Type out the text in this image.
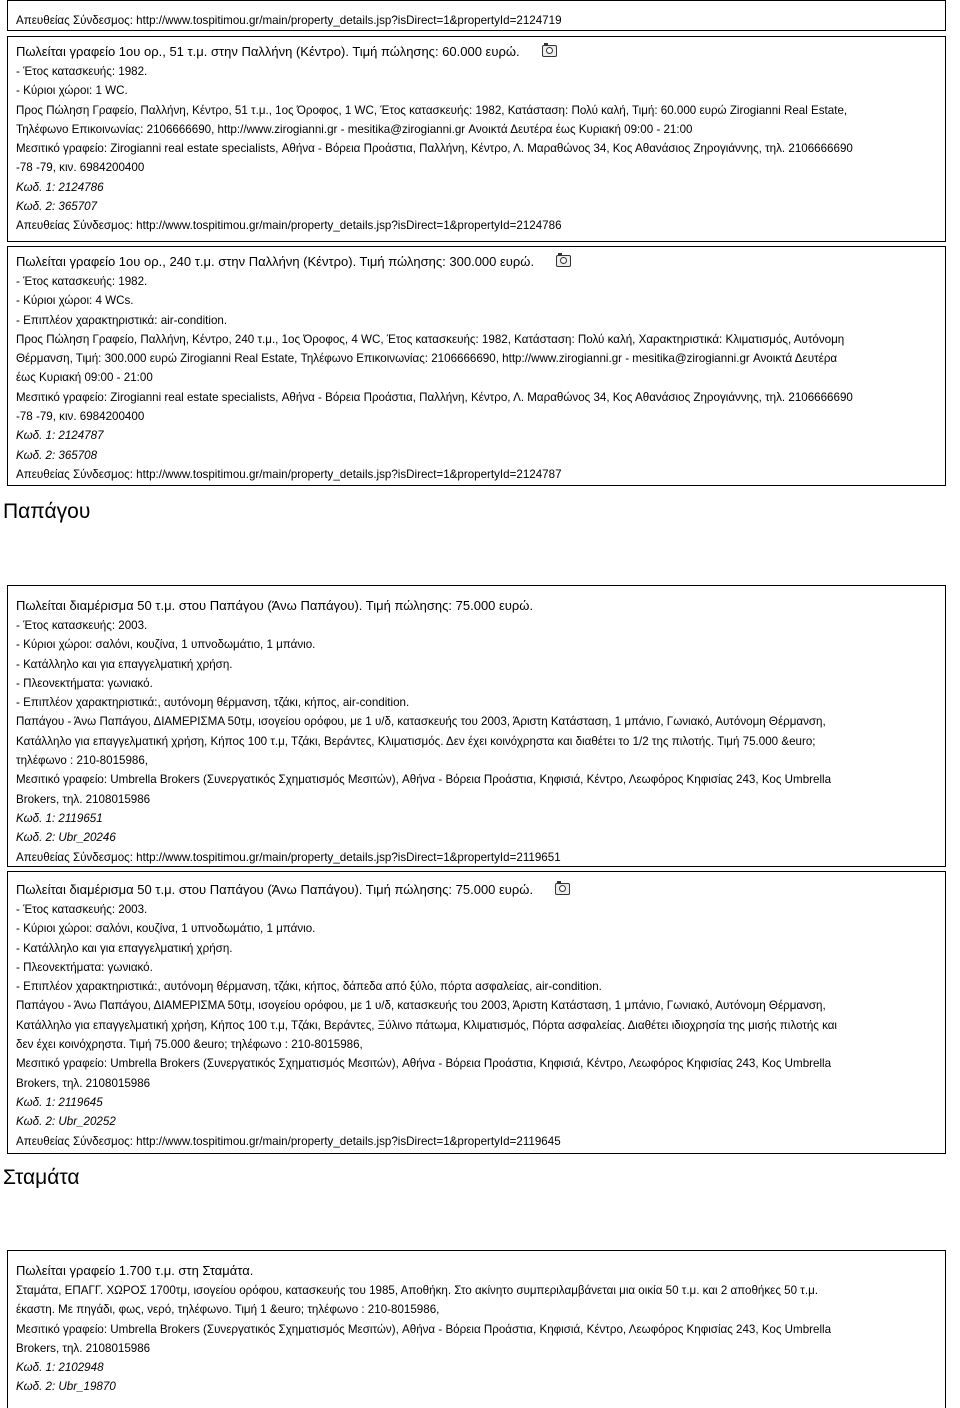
Απευθείας Σύνδεσμος: http://www.tospitimou.gr/main/property_details.jsp?isDirect=1&propertyId=2124719
Πωλείται γραφείο 1ου ορ., 51 τ.μ. στην Παλλήνη (Κέντρο). Τιμή πώλησης: 60.000 ευρώ.
- Έτος κατασκευής: 1982.
- Κύριοι χώροι: 1 WC.
Προς Πώληση Γραφείο, Παλλήνη, Κέντρο, 51 τ.μ., 1ος Όροφος, 1 WC, Έτος κατασκευής: 1982, Κατάσταση: Πολύ καλή, Τιμή: 60.000 ευρώ Zirogianni Real Estate,
Τηλέφωνο Επικοινωνίας: 2106666690, http://www.zirogianni.gr - mesitika@zirogianni.gr Ανοικτά Δευτέρα έως Κυριακή 09:00 - 21:00
Μεσιτικό γραφείο: Zirogianni real estate specialists, Αθήνα - Βόρεια Προάστια, Παλλήνη, Κέντρο, Λ. Μαραθώνος 34, Κος Αθανάσιος Ζηρογιάννης, τηλ. 2106666690
-78 -79, κιν. 6984200400
Κωδ. 1: 2124786
Κωδ. 2: 365707
Απευθείας Σύνδεσμος: http://www.tospitimou.gr/main/property_details.jsp?isDirect=1&propertyId=2124786
Πωλείται γραφείο 1ου ορ., 240 τ.μ. στην Παλλήνη (Κέντρο). Τιμή πώλησης: 300.000 ευρώ.
- Έτος κατασκευής: 1982.
- Κύριοι χώροι: 4 WCs.
- Επιπλέον χαρακτηριστικά: air-condition.
Προς Πώληση Γραφείο, Παλλήνη, Κέντρο, 240 τ.μ., 1ος Όροφος, 4 WC, Έτος κατασκευής: 1982, Κατάσταση: Πολύ καλή, Χαρακτηριστικά: Κλιματισμός, Αυτόνομη
Θέρμανση, Τιμή: 300.000 ευρώ Zirogianni Real Estate, Τηλέφωνο Επικοινωνίας: 2106666690, http://www.zirogianni.gr - mesitika@zirogianni.gr Ανοικτά Δευτέρα
έως Κυριακή 09:00 - 21:00
Μεσιτικό γραφείο: Zirogianni real estate specialists, Αθήνα - Βόρεια Προάστια, Παλλήνη, Κέντρο, Λ. Μαραθώνος 34, Κος Αθανάσιος Ζηρογιάννης, τηλ. 2106666690
-78 -79, κιν. 6984200400
Κωδ. 1: 2124787
Κωδ. 2: 365708
Απευθείας Σύνδεσμος: http://www.tospitimou.gr/main/property_details.jsp?isDirect=1&propertyId=2124787
Παπάγου
Πωλείται διαμέρισμα 50 τ.μ. στου Παπάγου (Άνω Παπάγου). Τιμή πώλησης: 75.000 ευρώ.
- Έτος κατασκευής: 2003.
- Κύριοι χώροι: σαλόνι, κουζίνα, 1 υπνοδωμάτιο, 1 μπάνιο.
- Κατάλληλο και για επαγγελματική χρήση.
- Πλεονεκτήματα: γωνιακό.
- Επιπλέον χαρακτηριστικά:, αυτόνομη θέρμανση, τζάκι, κήπος, air-condition.
Παπάγου - Άνω Παπάγου, ΔΙΑΜΕΡΙΣΜΑ 50τμ, ισογείου ορόφου, με 1 υ/δ, κατασκευής του 2003, Άριστη Κατάσταση, 1 μπάνιο, Γωνιακό, Αυτόνομη Θέρμανση,
Κατάλληλο για επαγγελματική χρήση, Κήπος 100 τ.μ, Τζάκι, Βεράντες, Κλιματισμός. Δεν έχει κοινόχρηστα και διαθέτει το 1/2 της πιλοτής. Τιμή 75.000 &euro;
τηλέφωνο : 210-8015986,
Μεσιτικό γραφείο: Umbrella Brokers (Συνεργατικός Σχηματισμός Μεσιτών), Αθήνα - Βόρεια Προάστια, Κηφισιά, Κέντρο, Λεωφόρος Κηφισίας 243, Κος Umbrella
Brokers, τηλ. 2108015986
Κωδ. 1: 2119651
Κωδ. 2: Ubr_20246
Απευθείας Σύνδεσμος: http://www.tospitimou.gr/main/property_details.jsp?isDirect=1&propertyId=2119651
Πωλείται διαμέρισμα 50 τ.μ. στου Παπάγου (Άνω Παπάγου). Τιμή πώλησης: 75.000 ευρώ.
- Έτος κατασκευής: 2003.
- Κύριοι χώροι: σαλόνι, κουζίνα, 1 υπνοδωμάτιο, 1 μπάνιο.
- Κατάλληλο και για επαγγελματική χρήση.
- Πλεονεκτήματα: γωνιακό.
- Επιπλέον χαρακτηριστικά:, αυτόνομη θέρμανση, τζάκι, κήπος, δάπεδα από ξύλο, πόρτα ασφαλείας, air-condition.
Παπάγου - Άνω Παπάγου, ΔΙΑΜΕΡΙΣΜΑ 50τμ, ισογείου ορόφου, με 1 υ/δ, κατασκευής του 2003, Άριστη Κατάσταση, 1 μπάνιο, Γωνιακό, Αυτόνομη Θέρμανση,
Κατάλληλο για επαγγελματική χρήση, Κήπος 100 τ.μ, Τζάκι, Βεράντες, Ξύλινο πάτωμα, Κλιματισμός, Πόρτα ασφαλείας. Διαθέτει ιδιοχρησία της μισής πιλοτής και
δεν έχει κοινόχρηστα. Τιμή 75.000 &euro; τηλέφωνο : 210-8015986,
Μεσιτικό γραφείο: Umbrella Brokers (Συνεργατικός Σχηματισμός Μεσιτών), Αθήνα - Βόρεια Προάστια, Κηφισιά, Κέντρο, Λεωφόρος Κηφισίας 243, Κος Umbrella
Brokers, τηλ. 2108015986
Κωδ. 1: 2119645
Κωδ. 2: Ubr_20252
Απευθείας Σύνδεσμος: http://www.tospitimou.gr/main/property_details.jsp?isDirect=1&propertyId=2119645
Σταμάτα
Πωλείται γραφείο 1.700 τ.μ. στη Σταμάτα.
Σταμάτα, ΕΠΑΓΓ. ΧΩΡΟΣ 1700τμ, ισογείου ορόφου, κατασκευής του 1985, Αποθήκη. Στο ακίνητο συμπεριλαμβάνεται μια οικία 50 τ.μ. και 2 αποθήκες 50 τ.μ.
έκαστη. Με πηγάδι, φως, νερό, τηλέφωνο. Τιμή 1 &euro; τηλέφωνο : 210-8015986,
Μεσιτικό γραφείο: Umbrella Brokers (Συνεργατικός Σχηματισμός Μεσιτών), Αθήνα - Βόρεια Προάστια, Κηφισιά, Κέντρο, Λεωφόρος Κηφισίας 243, Κος Umbrella
Brokers, τηλ. 2108015986
Κωδ. 1: 2102948
Κωδ. 2: Ubr_19870
